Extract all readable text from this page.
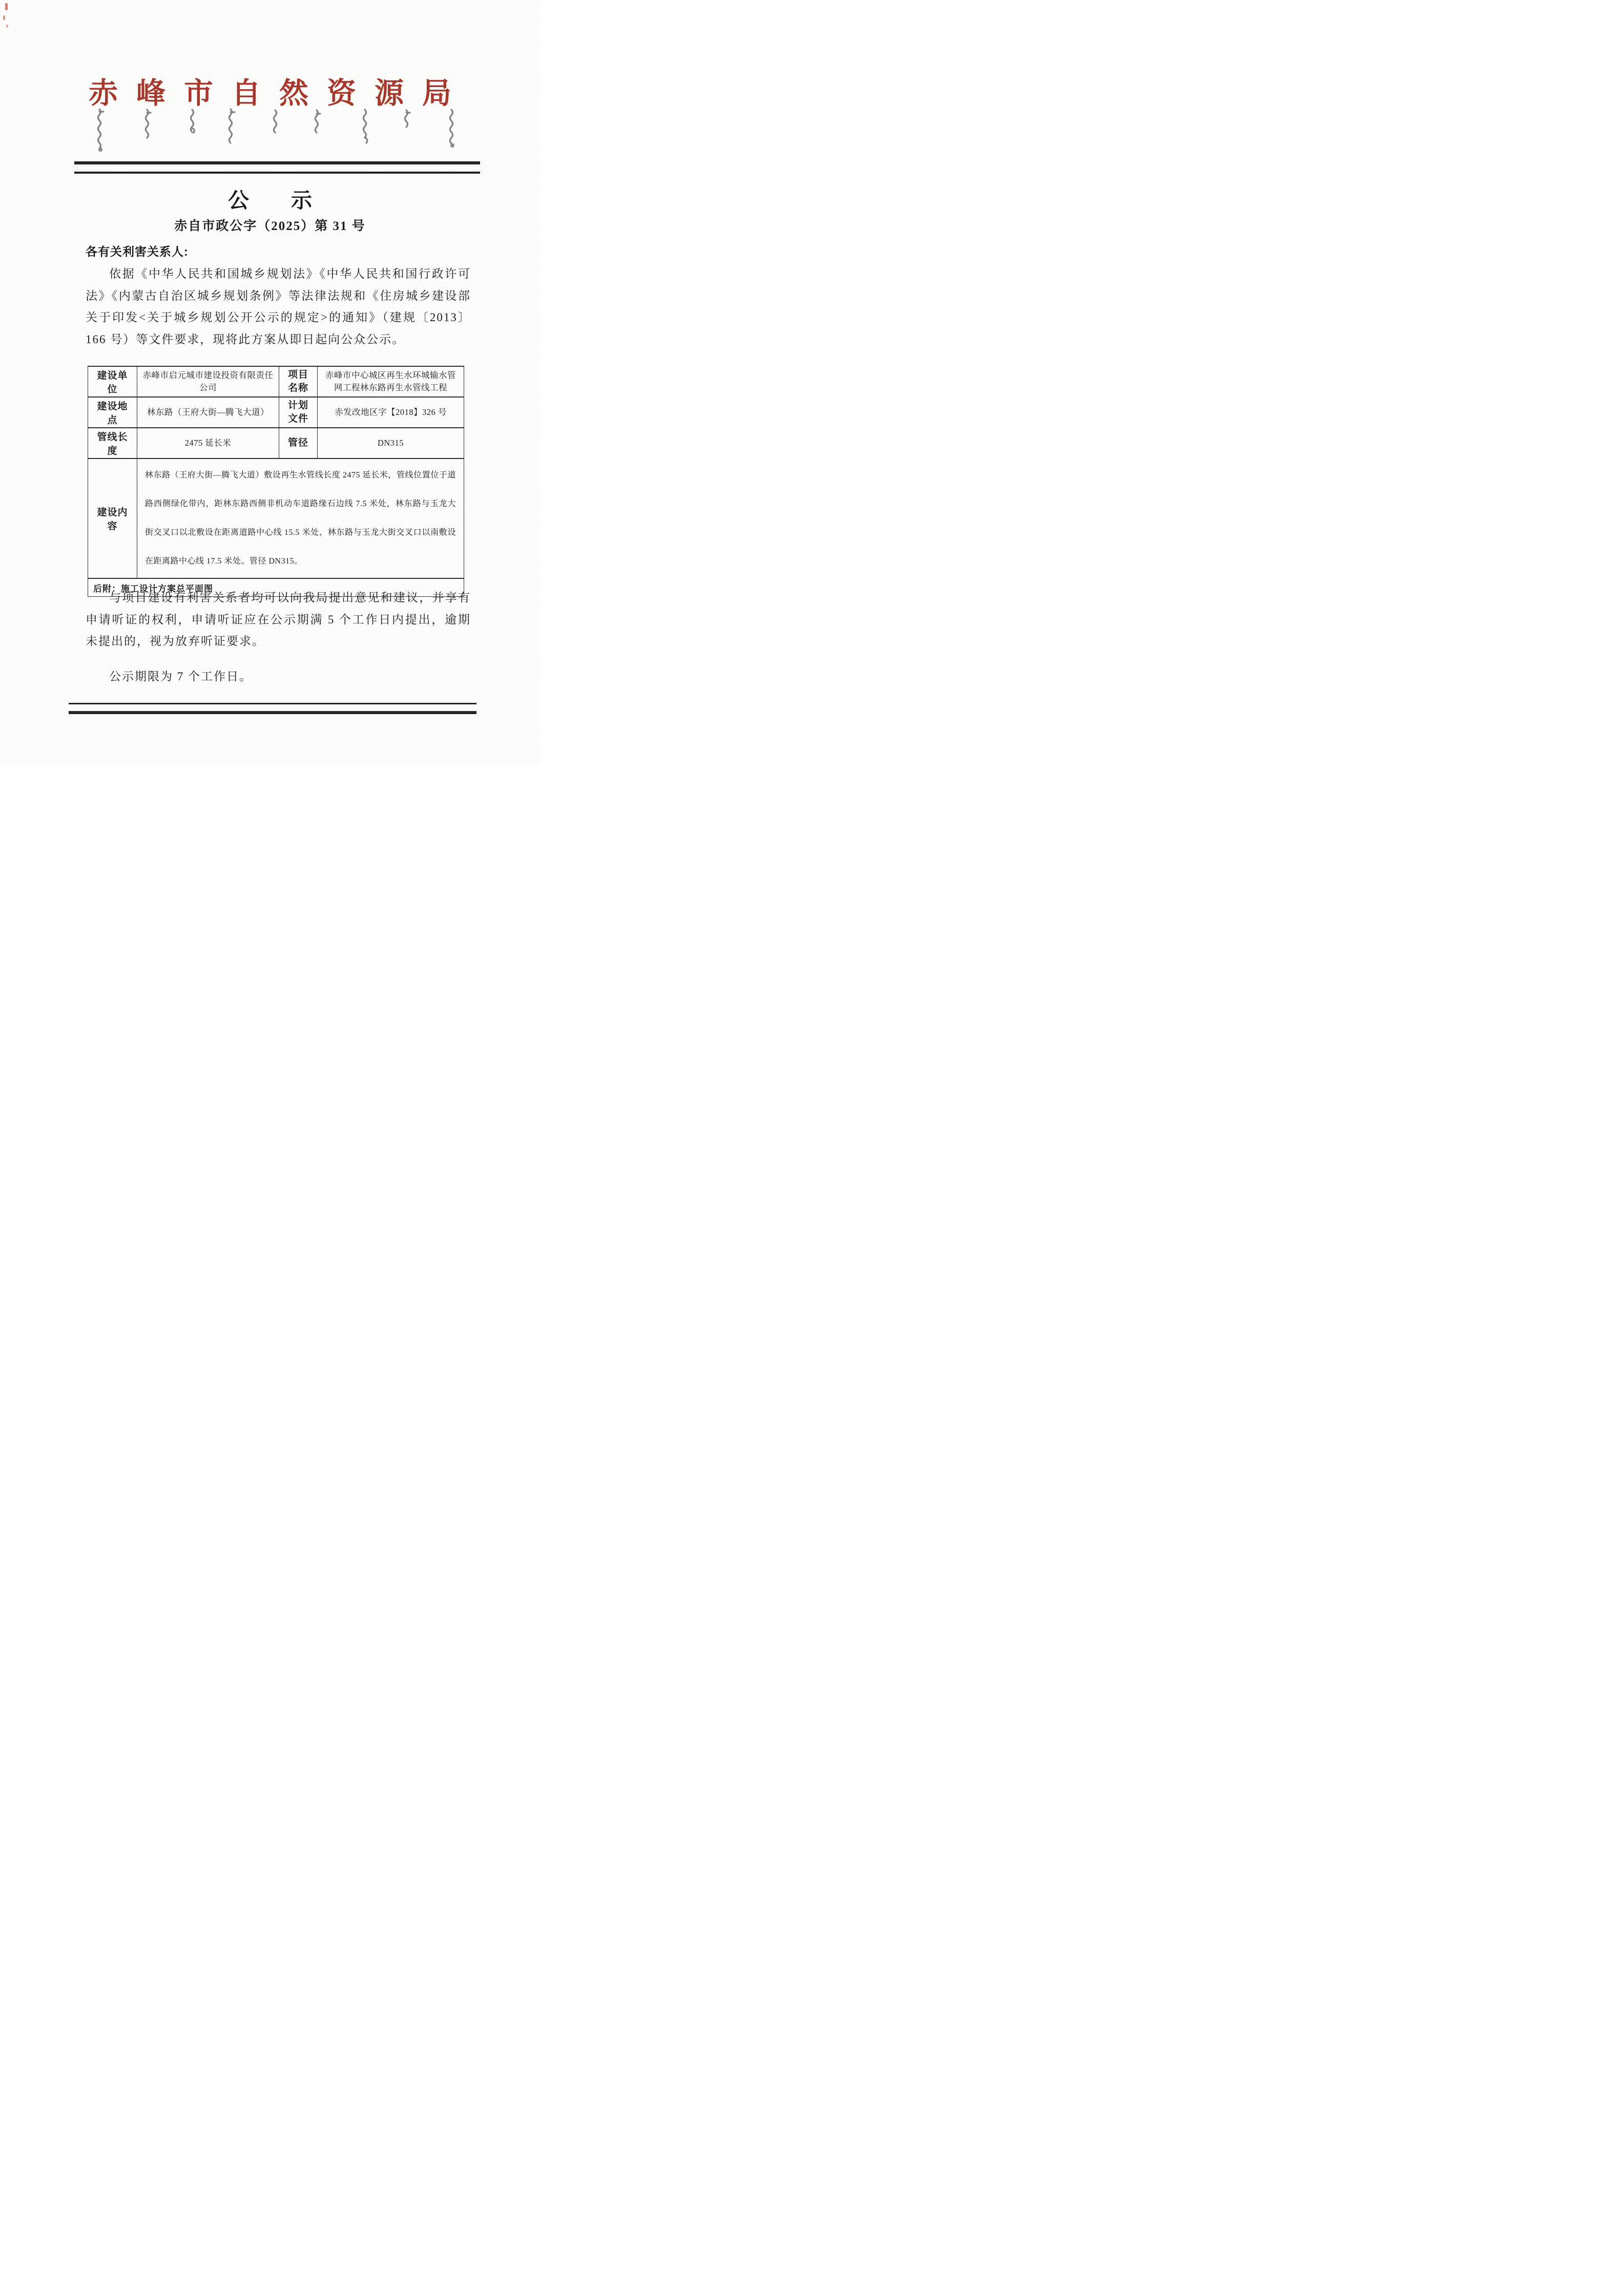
赤峰市自然资源局
公　　示
赤自市政公字（2025）第 31 号
各有关利害关系人:
依据《中华人民共和国城乡规划法》《中华人民共和国行政许可法》《内蒙古自治区城乡规划条例》等法律法规和《住房城乡建设部关于印发<关于城乡规划公开公示的规定>的通知》（建规〔2013〕166 号）等文件要求，现将此方案从即日起向公众公示。
建设单位	赤峰市启元城市建设投资有限责任公司	项目名称	赤峰市中心城区再生水环城输水管网工程林东路再生水管线工程
建设地点	林东路（王府大街—腾飞大道）	计划文件	赤发改地区字【2018】326 号
管线长度	2475 延长米	管径	DN315
建设内容	林东路（王府大街—腾飞大道）敷设再生水管线长度 2475 延长米，管线位置位于道路西侧绿化带内，距林东路西侧非机动车道路缘石边线 7.5 米处，林东路与玉龙大街交叉口以北敷设在距离道路中心线 15.5 米处，林东路与玉龙大街交叉口以南敷设在距离路中心线 17.5 米处。管径 DN315。		
后附：施工设计方案总平面图			
与项目建设有利害关系者均可以向我局提出意见和建议，并享有申请听证的权利，申请听证应在公示期满 5 个工作日内提出，逾期未提出的，视为放弃听证要求。
公示期限为 7 个工作日。
